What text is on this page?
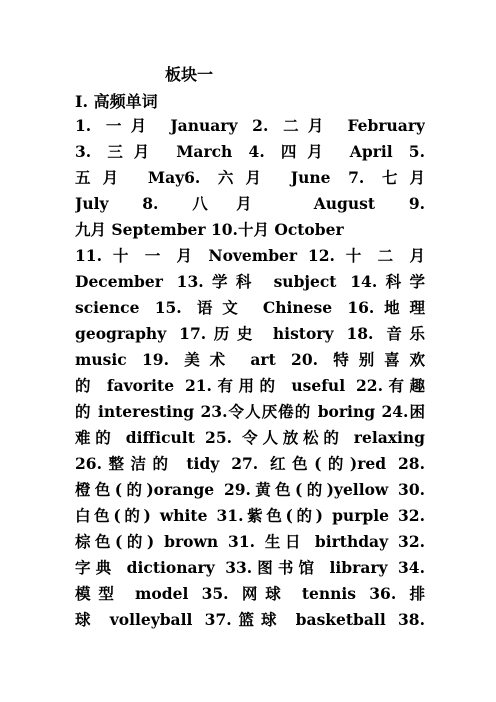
板块一
I. 高频单词
1. 一月 January 2. 二月 February
3. 三月 March 4. 四月 April 5.
五月 May6. 六月 June 7. 七月
July 8. 八月 August 9.
九月 September 10.十月 October
11. 十 一 月 November 12. 十 二 月
December 13.学科 subject 14.科学
science 15. 语文 Chinese 16.地理
geography 17.历史 history 18. 音乐
music 19. 美术 art 20. 特别喜欢
的 favorite 21.有用的 useful 22.有趣
的 interesting 23.令人厌倦的 boring 24.困
难的 difficult 25. 令人放松的 relaxing
26.整洁的 tidy 27. 红色(的)red 28.
橙色(的)orange 29.黄色(的)yellow 30.
白色(的) white 31.紫色(的) purple 32.
棕色(的) brown 31. 生日 birthday 32.
字典 dictionary 33.图书馆 library 34.
模型 model 35. 网球 tennis 36. 排
球 volleyball 37.篮球 basketball 38.
